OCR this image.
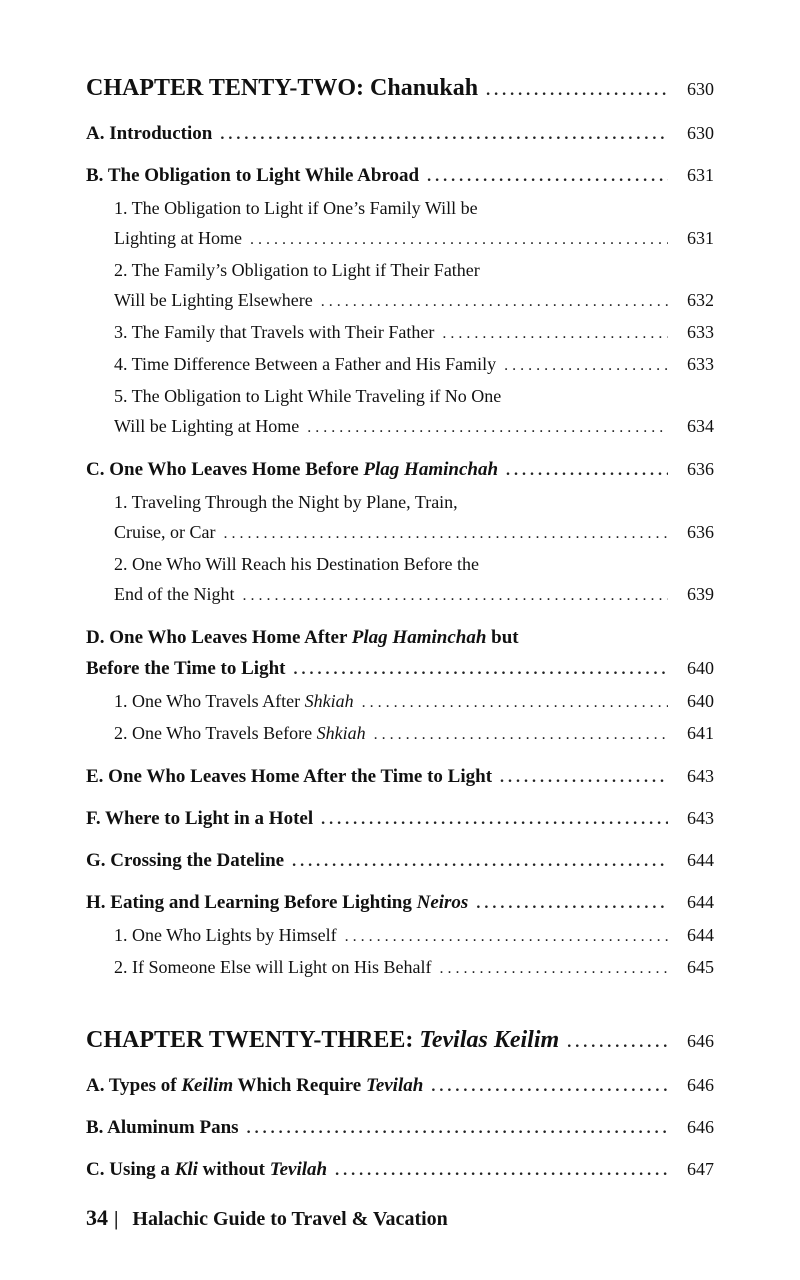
CHAPTER TENTY-TWO: Chanukah .....	630
A. Introduction .....	630
B. The Obligation to Light While Abroad .....	631
1. The Obligation to Light if One’s Family Will be
Lighting at Home .....	631
2. The Family’s Obligation to Light if Their Father
Will be Lighting Elsewhere .....	632
3. The Family that Travels with Their Father .....	633
4. Time Difference Between a Father and His Family .....	633
5. The Obligation to Light While Traveling if No One
Will be Lighting at Home .....	634
C. One Who Leaves Home Before Plag Haminchah .....	636
1. Traveling Through the Night by Plane, Train,
Cruise, or Car .....	636
2. One Who Will Reach his Destination Before the
End of the Night .....	639
D. One Who Leaves Home After Plag Haminchah but
Before the Time to Light .....	640
1. One Who Travels After Shkiah .....	640
2. One Who Travels Before Shkiah .....	641
E. One Who Leaves Home After the Time to Light .....	643
F. Where to Light in a Hotel .....	643
G. Crossing the Dateline .....	644
H. Eating and Learning Before Lighting Neiros .....	644
1. One Who Lights by Himself .....	644
2. If Someone Else will Light on His Behalf .....	645
CHAPTER TWENTY-THREE: Tevilas Keilim .....	646
A. Types of Keilim Which Require Tevilah .....	646
B. Aluminum Pans .....	646
C. Using a Kli without Tevilah .....	647
34 | Halachic Guide to Travel & Vacation
